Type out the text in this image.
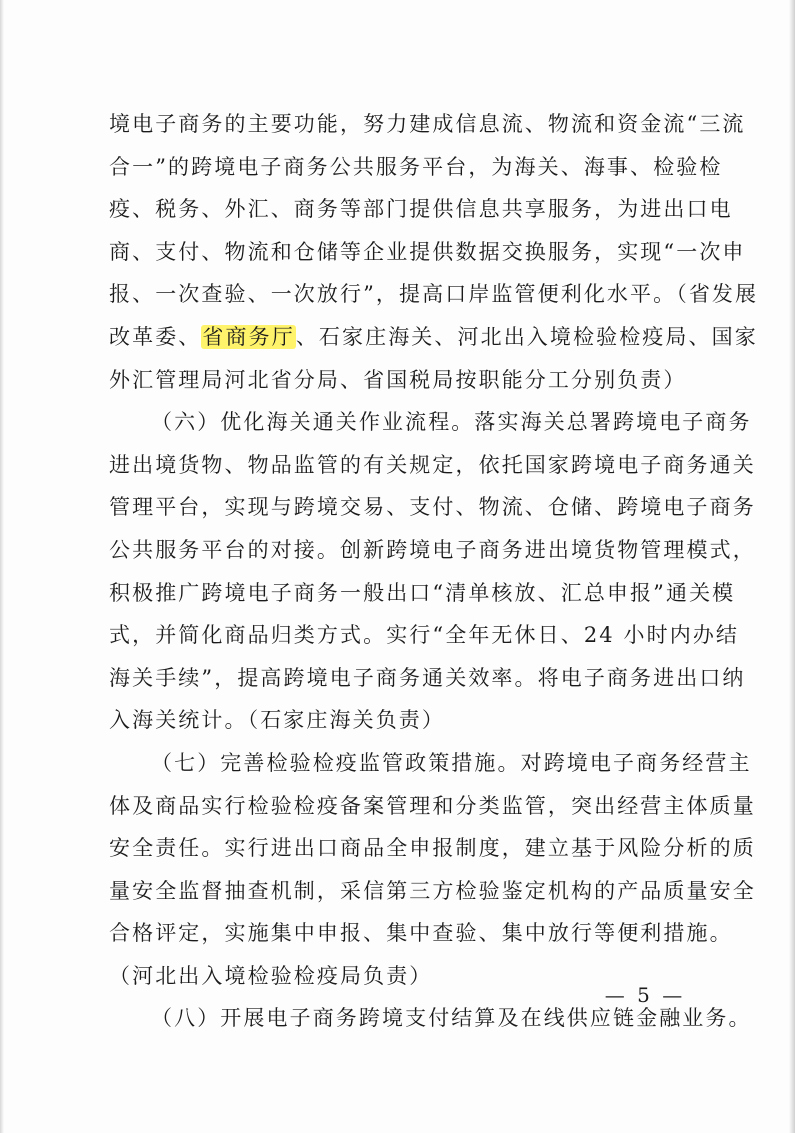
境电子商务的主要功能，努力建成信息流、物流和资金流“三流
合一”的跨境电子商务公共服务平台，为海关、海事、检验检
疫、税务、外汇、商务等部门提供信息共享服务，为进出口电
商、支付、物流和仓储等企业提供数据交换服务，实现“一次申
报、一次查验、一次放行”，提高口岸监管便利化水平。（省发展
改革委、省商务厅、石家庄海关、河北出入境检验检疫局、国家
外汇管理局河北省分局、省国税局按职能分工分别负责）
（六）优化海关通关作业流程。落实海关总署跨境电子商务
进出境货物、物品监管的有关规定，依托国家跨境电子商务通关
管理平台，实现与跨境交易、支付、物流、仓储、跨境电子商务
公共服务平台的对接。创新跨境电子商务进出境货物管理模式，
积极推广跨境电子商务一般出口“清单核放、汇总申报”通关模
式，并简化商品归类方式。实行“全年无休日、24 小时内办结
海关手续”，提高跨境电子商务通关效率。将电子商务进出口纳
入海关统计。（石家庄海关负责）
（七）完善检验检疫监管政策措施。对跨境电子商务经营主
体及商品实行检验检疫备案管理和分类监管，突出经营主体质量
安全责任。实行进出口商品全申报制度，建立基于风险分析的质
量安全监督抽查机制，采信第三方检验鉴定机构的产品质量安全
合格评定，实施集中申报、集中查验、集中放行等便利措施。
（河北出入境检验检疫局负责）
（八）开展电子商务跨境支付结算及在线供应链金融业务。
— 5 —
